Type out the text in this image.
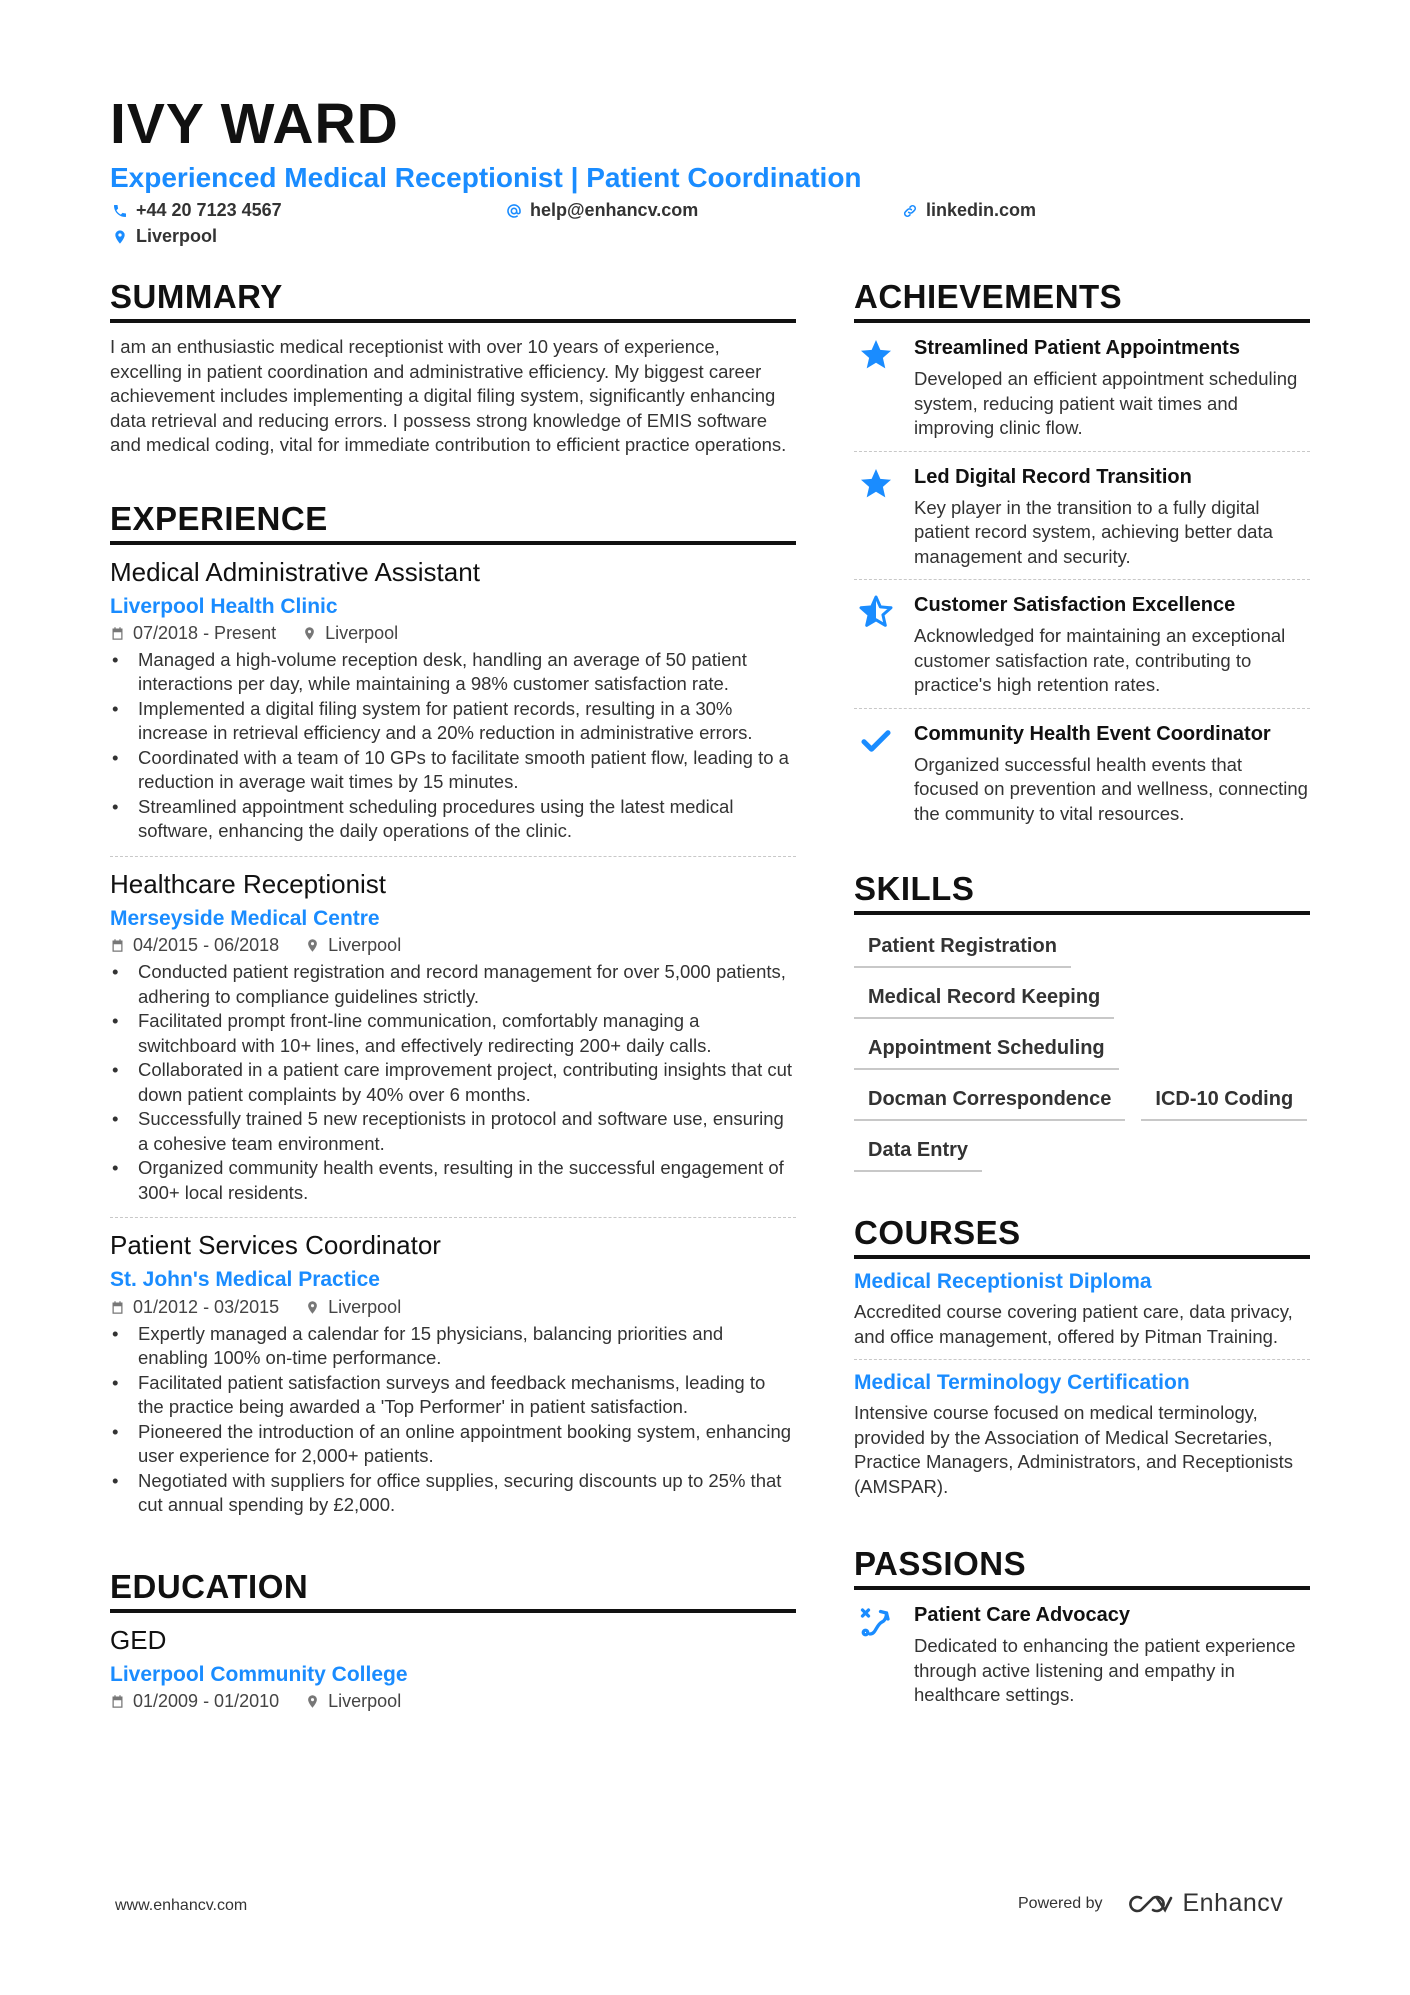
IVY WARD
Experienced Medical Receptionist | Patient Coordination
+44 20 7123 4567	help@enhancv.com	linkedin.com
Liverpool
SUMMARY
I am an enthusiastic medical receptionist with over 10 years of experience, excelling in patient coordination and administrative efficiency. My biggest career achievement includes implementing a digital filing system, significantly enhancing data retrieval and reducing errors. I possess strong knowledge of EMIS software and medical coding, vital for immediate contribution to efficient practice operations.
EXPERIENCE
Medical Administrative Assistant
Liverpool Health Clinic
07/2018 - Present	Liverpool
• Managed a high-volume reception desk, handling an average of 50 patient interactions per day, while maintaining a 98% customer satisfaction rate.
• Implemented a digital filing system for patient records, resulting in a 30% increase in retrieval efficiency and a 20% reduction in administrative errors.
• Coordinated with a team of 10 GPs to facilitate smooth patient flow, leading to a reduction in average wait times by 15 minutes.
• Streamlined appointment scheduling procedures using the latest medical software, enhancing the daily operations of the clinic.
Healthcare Receptionist
Merseyside Medical Centre
04/2015 - 06/2018	Liverpool
• Conducted patient registration and record management for over 5,000 patients, adhering to compliance guidelines strictly.
• Facilitated prompt front-line communication, comfortably managing a switchboard with 10+ lines, and effectively redirecting 200+ daily calls.
• Collaborated in a patient care improvement project, contributing insights that cut down patient complaints by 40% over 6 months.
• Successfully trained 5 new receptionists in protocol and software use, ensuring a cohesive team environment.
• Organized community health events, resulting in the successful engagement of 300+ local residents.
Patient Services Coordinator
St. John's Medical Practice
01/2012 - 03/2015	Liverpool
• Expertly managed a calendar for 15 physicians, balancing priorities and enabling 100% on-time performance.
• Facilitated patient satisfaction surveys and feedback mechanisms, leading to the practice being awarded a 'Top Performer' in patient satisfaction.
• Pioneered the introduction of an online appointment booking system, enhancing user experience for 2,000+ patients.
• Negotiated with suppliers for office supplies, securing discounts up to 25% that cut annual spending by £2,000.
EDUCATION
GED
Liverpool Community College
01/2009 - 01/2010	Liverpool
ACHIEVEMENTS
Streamlined Patient Appointments
Developed an efficient appointment scheduling system, reducing patient wait times and improving clinic flow.
Led Digital Record Transition
Key player in the transition to a fully digital patient record system, achieving better data management and security.
Customer Satisfaction Excellence
Acknowledged for maintaining an exceptional customer satisfaction rate, contributing to practice's high retention rates.
Community Health Event Coordinator
Organized successful health events that focused on prevention and wellness, connecting the community to vital resources.
SKILLS
Patient Registration
Medical Record Keeping
Appointment Scheduling
Docman Correspondence	ICD-10 Coding
Data Entry
COURSES
Medical Receptionist Diploma
Accredited course covering patient care, data privacy, and office management, offered by Pitman Training.
Medical Terminology Certification
Intensive course focused on medical terminology, provided by the Association of Medical Secretaries, Practice Managers, Administrators, and Receptionists (AMSPAR).
PASSIONS
Patient Care Advocacy
Dedicated to enhancing the patient experience through active listening and empathy in healthcare settings.
www.enhancv.com	Powered by	Enhancv
